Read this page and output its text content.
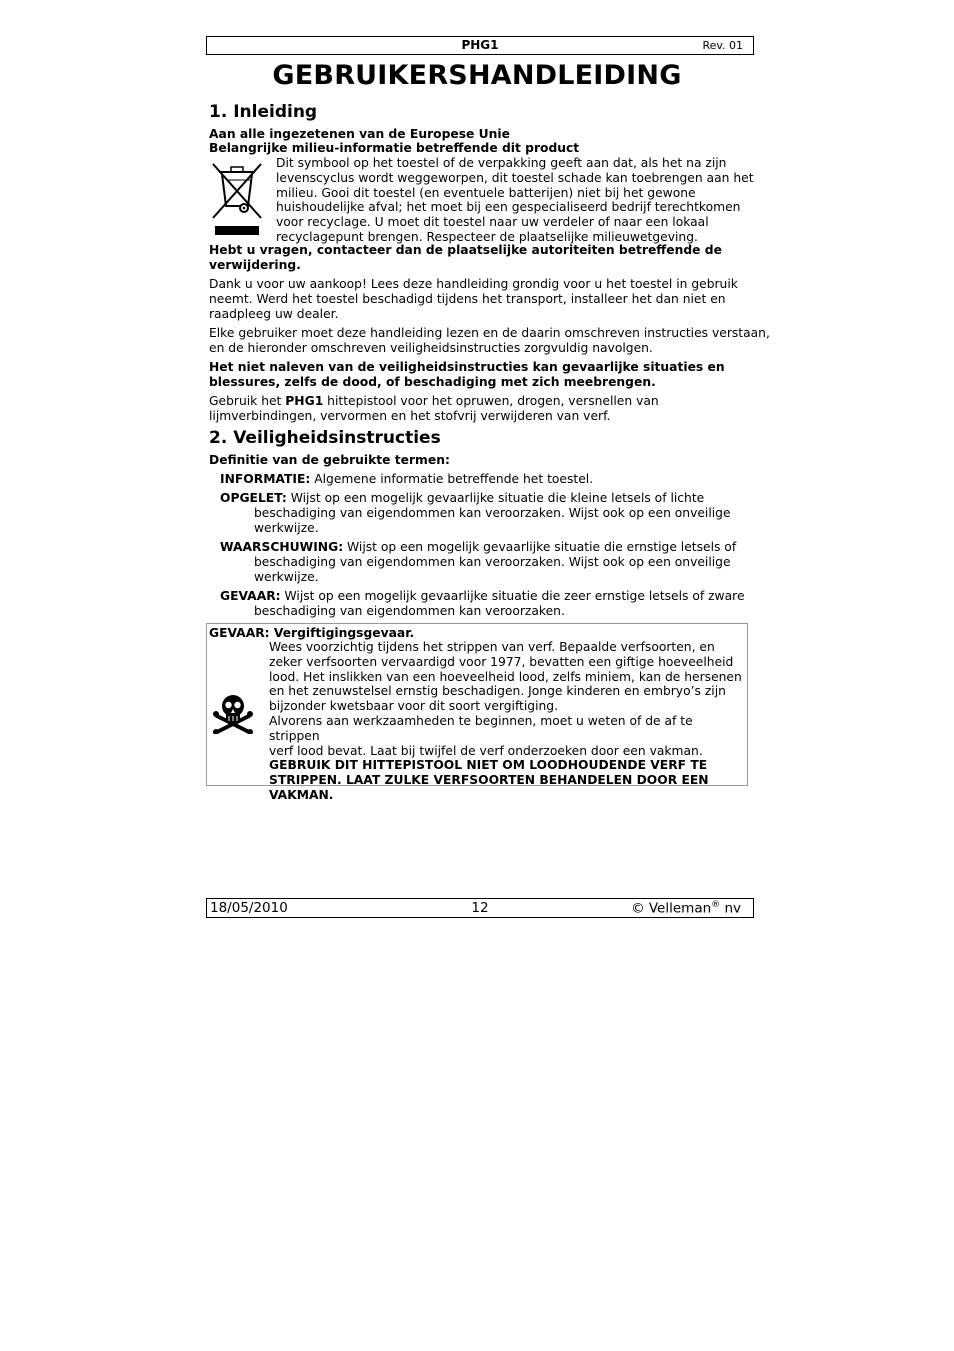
PHG1	Rev. 01
GEBRUIKERSHANDLEIDING
1. Inleiding
Aan alle ingezetenen van de Europese Unie
Belangrijke milieu-informatie betreffende dit product
Dit symbool op het toestel of de verpakking geeft aan dat, als het na zijn
levenscyclus wordt weggeworpen, dit toestel schade kan toebrengen aan het
milieu. Gooi dit toestel (en eventuele batterijen) niet bij het gewone
huishoudelijke afval; het moet bij een gespecialiseerd bedrijf terechtkomen
voor recyclage. U moet dit toestel naar uw verdeler of naar een lokaal
recyclagepunt brengen. Respecteer de plaatselijke milieuwetgeving.
Hebt u vragen, contacteer dan de plaatselijke autoriteiten betreffende de
verwijdering.
Dank u voor uw aankoop! Lees deze handleiding grondig voor u het toestel in gebruik
neemt. Werd het toestel beschadigd tijdens het transport, installeer het dan niet en
raadpleeg uw dealer.
Elke gebruiker moet deze handleiding lezen en de daarin omschreven instructies verstaan,
en de hieronder omschreven veiligheidsinstructies zorgvuldig navolgen.
Het niet naleven van de veiligheidsinstructies kan gevaarlijke situaties en
blessures, zelfs de dood, of beschadiging met zich meebrengen.
Gebruik het PHG1 hittepistool voor het opruwen, drogen, versnellen van
lijmverbindingen, vervormen en het stofvrij verwijderen van verf.
2. Veiligheidsinstructies
Definitie van de gebruikte termen:
INFORMATIE: Algemene informatie betreffende het toestel.
OPGELET: Wijst op een mogelijk gevaarlijke situatie die kleine letsels of lichte
beschadiging van eigendommen kan veroorzaken. Wijst ook op een onveilige
werkwijze.
WAARSCHUWING: Wijst op een mogelijk gevaarlijke situatie die ernstige letsels of
beschadiging van eigendommen kan veroorzaken. Wijst ook op een onveilige
werkwijze.
GEVAAR: Wijst op een mogelijk gevaarlijke situatie die zeer ernstige letsels of zware
beschadiging van eigendommen kan veroorzaken.
GEVAAR: Vergiftigingsgevaar.
Wees voorzichtig tijdens het strippen van verf. Bepaalde verfsoorten, en
zeker verfsoorten vervaardigd voor 1977, bevatten een giftige hoeveelheid
lood. Het inslikken van een hoeveelheid lood, zelfs miniem, kan de hersenen
en het zenuwstelsel ernstig beschadigen. Jonge kinderen en embryo’s zijn
bijzonder kwetsbaar voor dit soort vergiftiging.
Alvorens aan werkzaamheden te beginnen, moet u weten of de af te strippen
verf lood bevat. Laat bij twijfel de verf onderzoeken door een vakman.
GEBRUIK DIT HITTEPISTOOL NIET OM LOODHOUDENDE VERF TE
STRIPPEN. LAAT ZULKE VERFSOORTEN BEHANDELEN DOOR EEN
VAKMAN.
18/05/2010	12	© Velleman® nv
